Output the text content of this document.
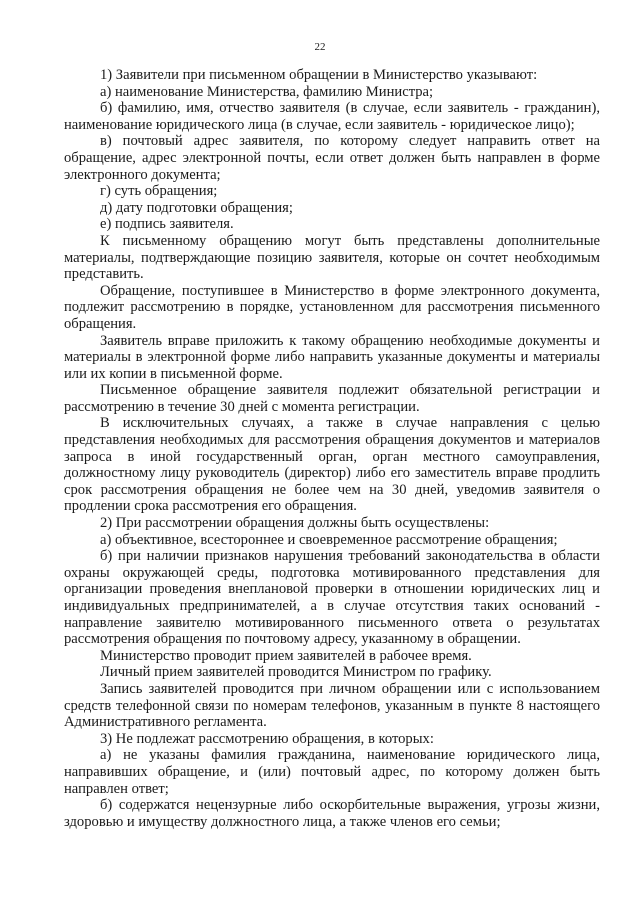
22

1) Заявители при письменном обращении в Министерство указывают:

а) наименование Министерства, фамилию Министра;

б) фамилию, имя, отчество заявителя (в случае, если заявитель - гражданин), наименование юридического лица (в случае, если заявитель - юридическое лицо);

в) почтовый адрес заявителя, по которому следует направить ответ на обращение, адрес электронной почты, если ответ должен быть направлен в форме электронного документа;

г) суть обращения;

д) дату подготовки обращения;

е) подпись заявителя.

К письменному обращению могут быть представлены дополнительные материалы, подтверждающие позицию заявителя, которые он сочтет необходимым представить.

Обращение, поступившее в Министерство в форме электронного документа, подлежит рассмотрению в порядке, установленном для рассмотрения письменного обращения.

Заявитель вправе приложить к такому обращению необходимые документы и материалы в электронной форме либо направить указанные документы и материалы или их копии в письменной форме.

Письменное обращение заявителя подлежит обязательной регистрации и рассмотрению в течение 30 дней с момента регистрации.

В исключительных случаях, а также в случае направления с целью представления необходимых для рассмотрения обращения документов и материалов запроса в иной государственный орган, орган местного самоуправления, должностному лицу руководитель (директор) либо его заместитель вправе продлить срок рассмотрения обращения не более чем на 30 дней, уведомив заявителя о продлении срока рассмотрения его обращения.

2) При рассмотрении обращения должны быть осуществлены:

а) объективное, всестороннее и своевременное рассмотрение обращения;

б) при наличии признаков нарушения требований законодательства в области охраны окружающей среды, подготовка мотивированного представления для организации проведения внеплановой проверки в отношении юридических лиц и индивидуальных предпринимателей, а в случае отсутствия таких оснований - направление заявителю мотивированного письменного ответа о результатах рассмотрения обращения по почтовому адресу, указанному в обращении.

Министерство проводит прием заявителей в рабочее время.

Личный прием заявителей проводится Министром по графику.

Запись заявителей проводится при личном обращении или с использованием средств телефонной связи по номерам телефонов, указанным в пункте 8 настоящего Административного регламента.

3) Не подлежат рассмотрению обращения, в которых:

а) не указаны фамилия гражданина, наименование юридического лица, направивших обращение, и (или) почтовый адрес, по которому должен быть направлен ответ;

б) содержатся нецензурные либо оскорбительные выражения, угрозы жизни, здоровью и имуществу должностного лица, а также членов его семьи;
